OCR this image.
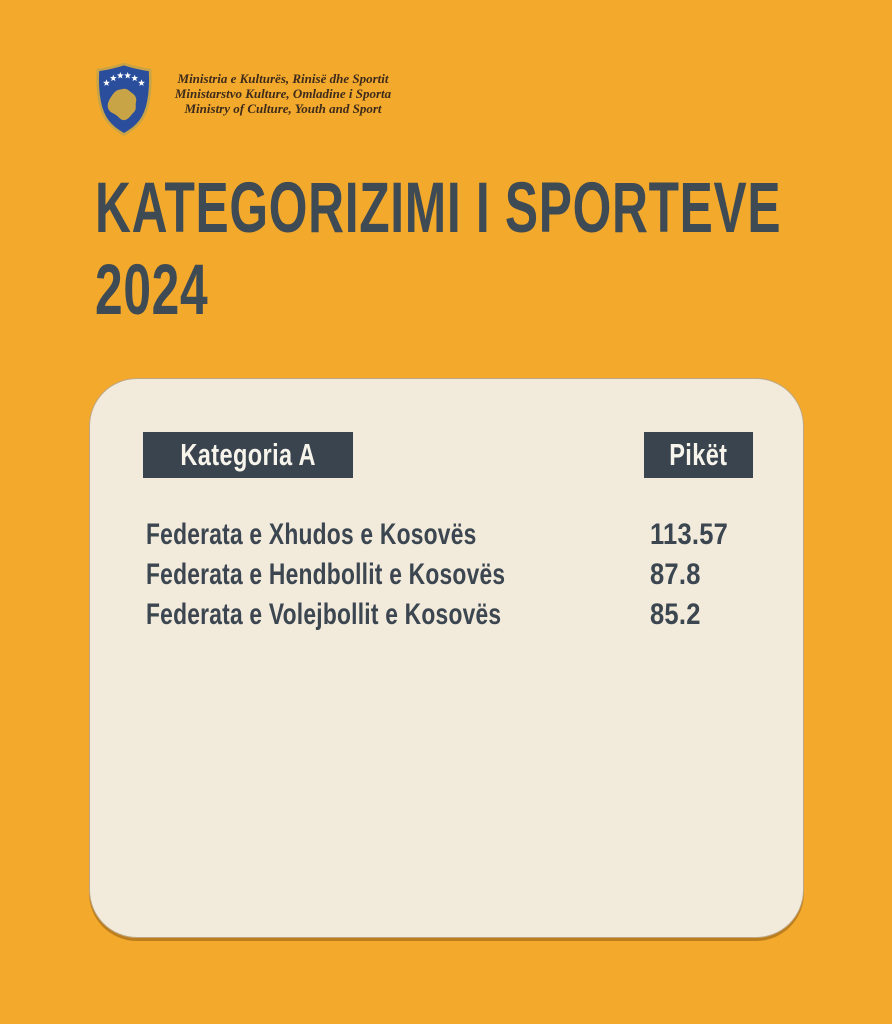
Ministria e Kulturës, Rinisë dhe Sportit
Ministarstvo Kulture, Omladine i Sporta
Ministry of Culture, Youth and Sport
KATEGORIZIMI I SPORTEVE
2024
Kategoria A	Pikët
Federata e Xhudos e Kosovës	113.57
Federata e Hendbollit e Kosovës	87.8
Federata e Volejbollit e Kosovës	85.2
